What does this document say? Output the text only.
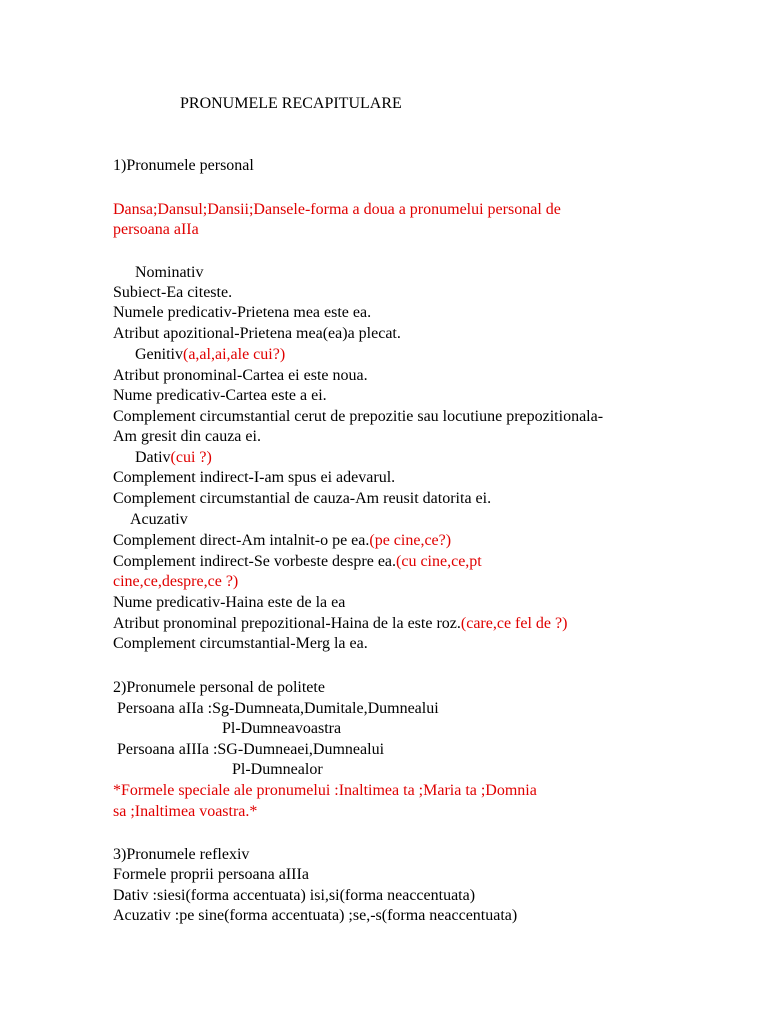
PRONUMELE RECAPITULARE
1)Pronumele personal
Dansa;Dansul;Dansii;Dansele-forma a doua a pronumelui personal de
persoana aIIa
Nominativ
Subiect-Ea citeste.
Numele predicativ-Prietena mea este ea.
Atribut apozitional-Prietena mea(ea)a plecat.
Genitiv(a,al,ai,ale cui?)
Atribut pronominal-Cartea ei este noua.
Nume predicativ-Cartea este a ei.
Complement circumstantial cerut de prepozitie sau locutiune prepozitionala-
Am gresit din cauza ei.
Dativ(cui ?)
Complement indirect-I-am spus ei adevarul.
Complement circumstantial de cauza-Am reusit datorita ei.
Acuzativ
Complement direct-Am intalnit-o pe ea.(pe cine,ce?)
Complement indirect-Se vorbeste despre ea.(cu cine,ce,pt
cine,ce,despre,ce ?)
Nume predicativ-Haina este de la ea
Atribut pronominal prepozitional-Haina de la este roz.(care,ce fel de ?)
Complement circumstantial-Merg la ea.
2)Pronumele personal de politete
Persoana aIIa :Sg-Dumneata,Dumitale,Dumnealui
Pl-Dumneavoastra
Persoana aIIIa :SG-Dumneaei,Dumnealui
Pl-Dumnealor
*Formele speciale ale pronumelui :Inaltimea ta ;Maria ta ;Domnia
sa ;Inaltimea voastra.*
3)Pronumele reflexiv
Formele proprii persoana aIIIa
Dativ :siesi(forma accentuata) isi,si(forma neaccentuata)
Acuzativ :pe sine(forma accentuata) ;se,-s(forma neaccentuata)
